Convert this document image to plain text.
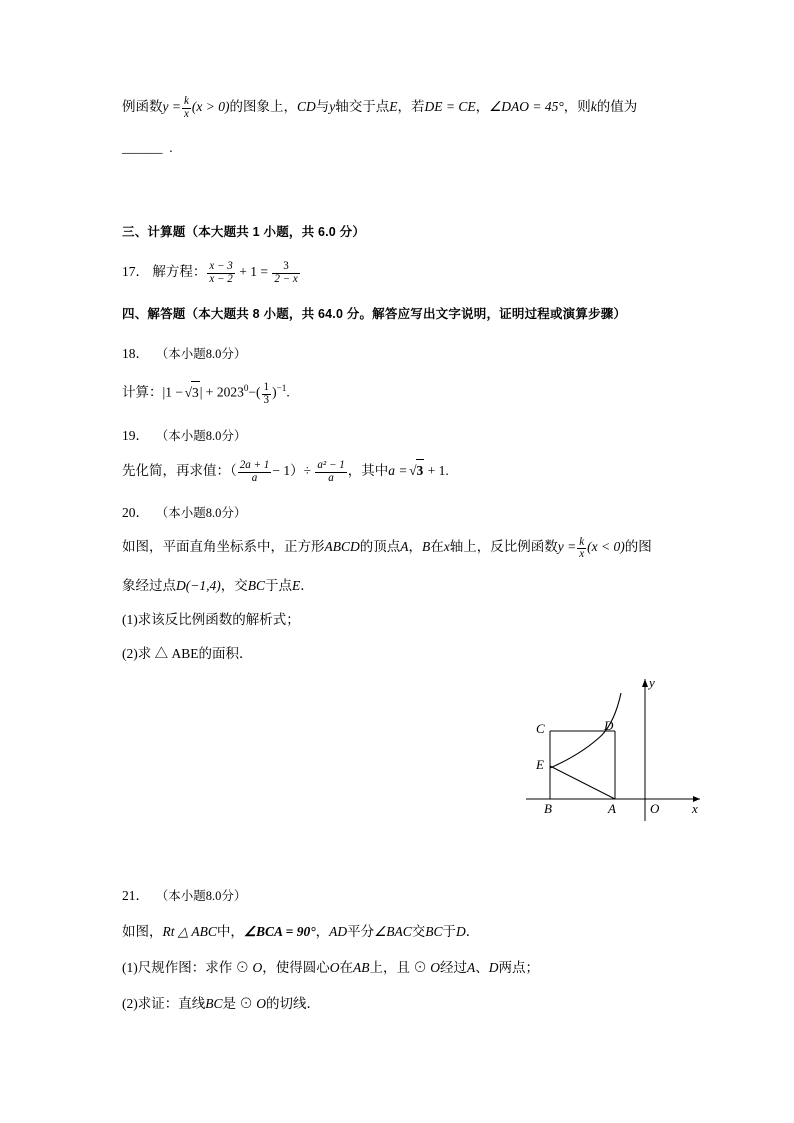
例函数$y = \frac{k}{x} (x > 0)$的图象上，CD与y轴交于点E，若DE = CE，∠DAO = 45°，则k的值为
______ .
三、计算题（本大题共 1 小题，共 6.0 分）
17． 解方程： $\frac{x - 3}{x - 2} + 1 = \frac{3}{2 - x}$
四、解答题（本大题共 8 小题，共 64.0 分。解答应写出文字说明，证明过程或演算步骤）
18． （本小题8.0分）
计算：$|1 - √3| + 2023^0-( \frac{1}{3} )^{-1}$.
19． （本小题8.0分）
先化简，再求值：（ $\frac{2a + 1}{a} - 1)\div \frac{\text{a² − 1}}{a}$ ，其中a = √3 + 1.
20． （本小题8.0分）
如图，平面直角坐标系中，正方形ABCD的顶点A，B在x轴上，反比例函数$y = \frac{k}{x} (x < 0)$的图
象经过点D(−1,4)，交BC于点E．
(1)求该反比例函数的解析式；
(2)求 △ ABE的面积．
C	D
E
B	A	O	x
y
21． （本小题8.0分）
如图，Rt △ ABC中，∠BCA = 90°，AD平分∠BAC交BC于D．
(1)尺规作图：求作 ⊙ O，使得圆心O在AB上，且 ⊙ O经过A、D两点；
(2)求证：直线BC是 ⊙ O的切线．
